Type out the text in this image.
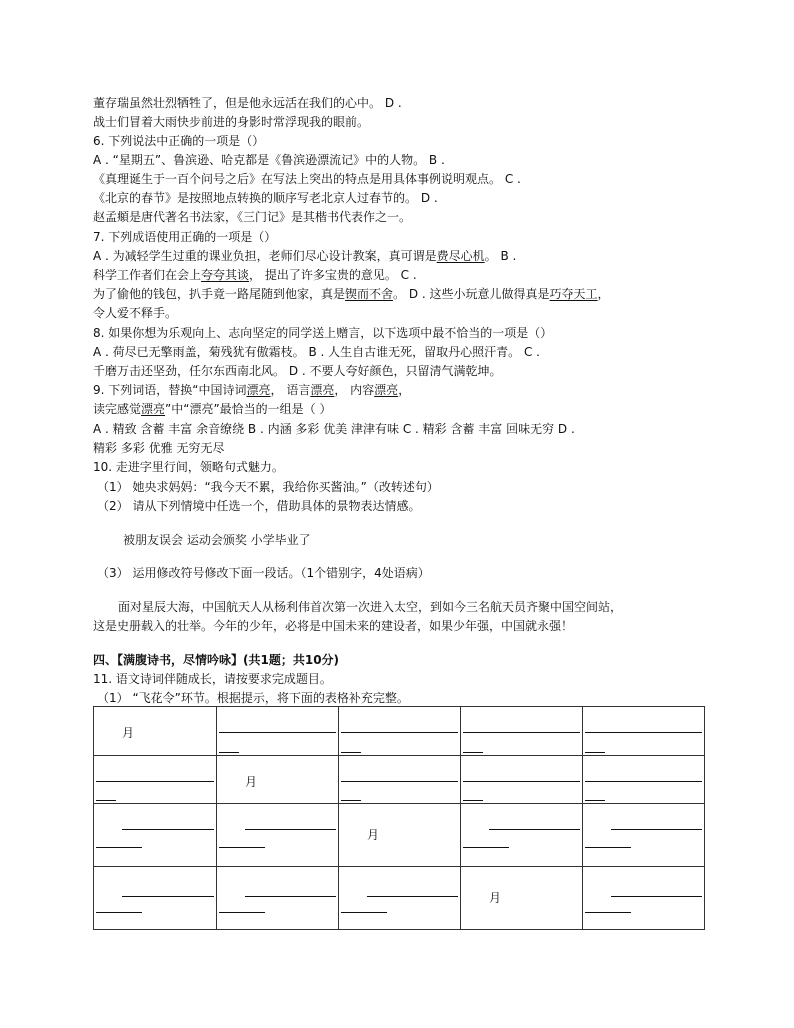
董存瑞虽然壮烈牺牲了，但是他永远活在我们的心中。 D .
战士们冒着大雨快步前进的身影时常浮现我的眼前。
6. 下列说法中正确的一项是（）
A . “星期五”、鲁滨逊、哈克都是《鲁滨逊漂流记》中的人物。 B .
《真理诞生于一百个问号之后》在写法上突出的特点是用具体事例说明观点。 C .
《北京的春节》是按照地点转换的顺序写老北京人过春节的。 D .
赵孟頫是唐代著名书法家，《三门记》是其楷书代表作之一。
7. 下列成语使用正确的一项是（）
A . 为减轻学生过重的课业负担，老师们尽心设计教案，真可谓是费尽心机。 B .
科学工作者们在会上夸夸其谈， 提出了许多宝贵的意见。 C .
为了偷他的钱包，扒手竟一路尾随到他家，真是锲而不舍。 D . 这些小玩意儿做得真是巧夺天工，
令人爱不释手。
8. 如果你想为乐观向上、志向坚定的同学送上赠言，以下选项中最不恰当的一项是（）
A . 荷尽已无擎雨盖，菊残犹有傲霜枝。 B . 人生自古谁无死，留取丹心照汗青。 C .
千磨万击还坚劲，任尔东西南北风。 D . 不要人夸好颜色，只留清气满乾坤。
9. 下列词语，替换“中国诗词漂亮， 语言漂亮， 内容漂亮，
读完感觉漂亮”中“漂亮”最恰当的一组是（ ）
A . 精致 含蓄 丰富 余音缭绕 B . 内涵 多彩 优美 津津有味 C . 精彩 含蓄 丰富 回味无穷 D .
精彩 多彩 优雅 无穷无尽
10. 走进字里行间，领略句式魅力。
（1） 她央求妈妈：“我今天不累，我给你买酱油。”（改转述句）
（2） 请从下列情境中任选一个，借助具体的景物表达情感。
被朋友误会 运动会颁奖 小学毕业了
（3） 运用修改符号修改下面一段话。（1个错别字，4处语病）
面对星辰大海，中国航天人从杨利伟首次第一次进入太空，到如今三名航天员齐聚中国空间站，
这是史册载入的壮举。今年的少年，必将是中国未来的建设者，如果少年强，中国就永强！
四、【满腹诗书，尽情吟咏】(共1题；共10分)
11. 语文诗词伴随成长，请按要求完成题目。
（1） “飞花令”环节。根据提示，将下面的表格补充完整。
月				

	月			

		月		

			月	
